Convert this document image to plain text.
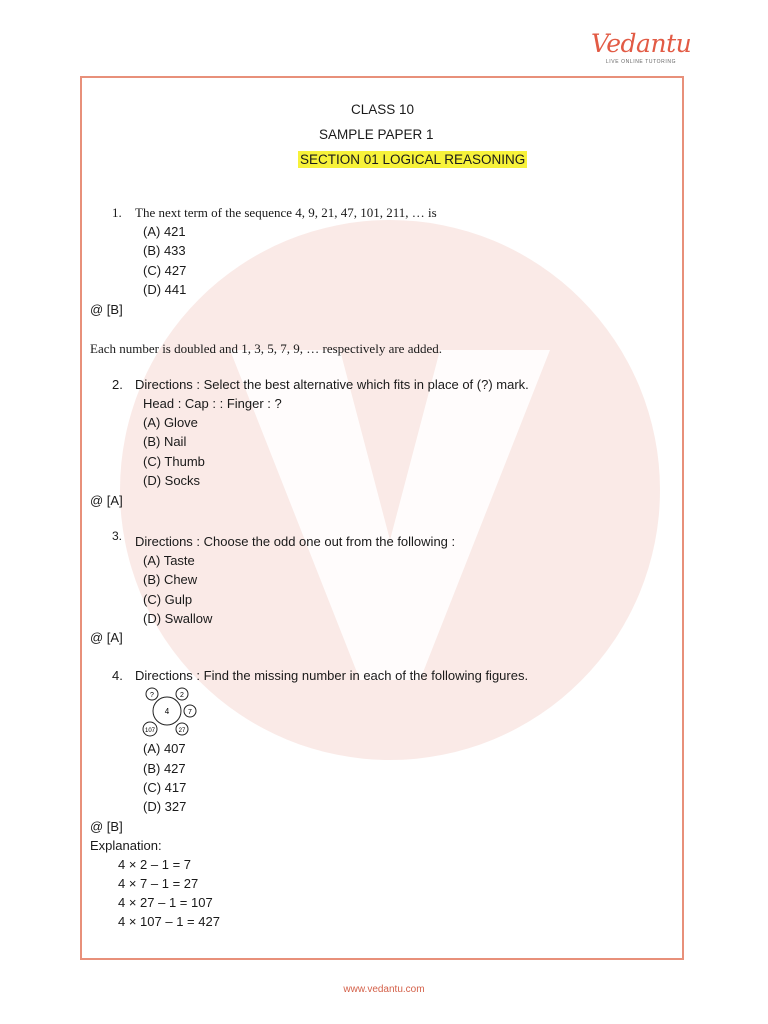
Vedantu
LIVE ONLINE TUTORING
CLASS 10
SAMPLE PAPER 1
SECTION 01 LOGICAL REASONING
1. The next term of the sequence 4, 9, 21, 47, 101, 211, … is
(A) 421
(B) 433
(C) 427
(D) 441
@ [B]
Each number is doubled and 1, 3, 5, 7, 9, … respectively are added.
2. Directions : Select the best alternative which fits in place of (?) mark.
Head : Cap : : Finger : ?
(A) Glove
(B) Nail
(C) Thumb
(D) Socks
@ [A]
3. Directions : Choose the odd one out from the following :
(A) Taste
(B) Chew
(C) Gulp
(D) Swallow
@ [A]
4. Directions : Find the missing number in each of the following figures.
4
?	2
7
27
107
(A) 407
(B) 427
(C) 417
(D) 327
@ [B]
Explanation:
4 × 2 – 1 = 7
4 × 7 – 1 = 27
4 × 27 – 1 = 107
4 × 107 – 1 = 427
www.vedantu.com
